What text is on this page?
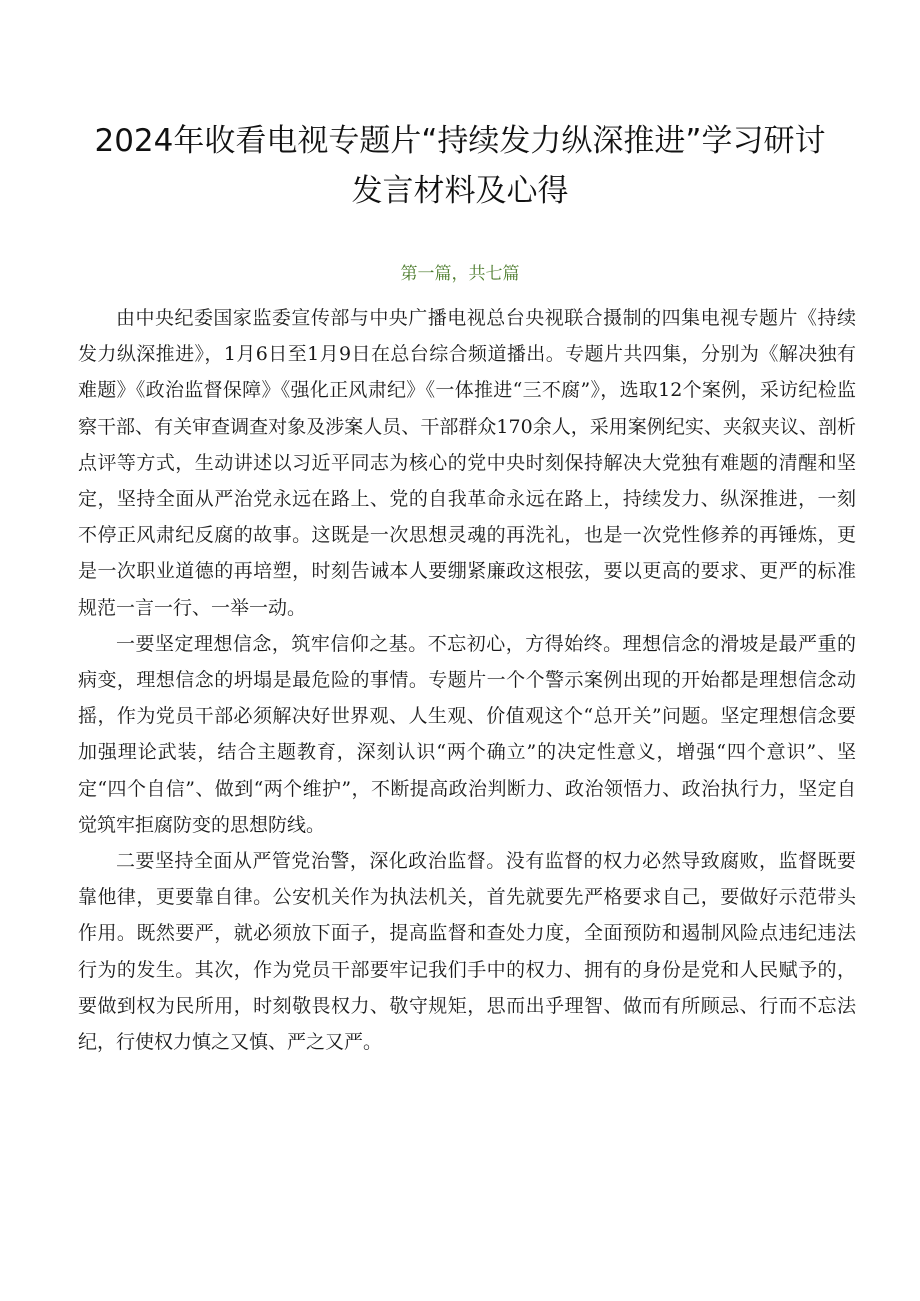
2024年收看电视专题片“持续发力纵深推进”学习研讨发言材料及心得

第一篇，共七篇

由中央纪委国家监委宣传部与中央广播电视总台央视联合摄制的四集电视专题片《持续发力纵深推进》，1月6日至1月9日在总台综合频道播出。专题片共四集，分别为《解决独有难题》《政治监督保障》《强化正风肃纪》《一体推进“三不腐”》，选取12个案例，采访纪检监察干部、有关审查调查对象及涉案人员、干部群众170余人，采用案例纪实、夹叙夹议、剖析点评等方式，生动讲述以习近平同志为核心的党中央时刻保持解决大党独有难题的清醒和坚定，坚持全面从严治党永远在路上、党的自我革命永远在路上，持续发力、纵深推进，一刻不停正风肃纪反腐的故事。这既是一次思想灵魂的再洗礼，也是一次党性修养的再锤炼，更是一次职业道德的再培塑，时刻告诫本人要绷紧廉政这根弦，要以更高的要求、更严的标准规范一言一行、一举一动。

一要坚定理想信念，筑牢信仰之基。不忘初心，方得始终。理想信念的滑坡是最严重的病变，理想信念的坍塌是最危险的事情。专题片一个个警示案例出现的开始都是理想信念动摇，作为党员干部必须解决好世界观、人生观、价值观这个“总开关”问题。坚定理想信念要加强理论武装，结合主题教育，深刻认识“两个确立”的决定性意义，增强“四个意识”、坚定“四个自信”、做到“两个维护”，不断提高政治判断力、政治领悟力、政治执行力，坚定自觉筑牢拒腐防变的思想防线。

二要坚持全面从严管党治警，深化政治监督。没有监督的权力必然导致腐败，监督既要靠他律，更要靠自律。公安机关作为执法机关，首先就要先严格要求自己，要做好示范带头作用。既然要严，就必须放下面子，提高监督和查处力度，全面预防和遏制风险点违纪违法行为的发生。其次，作为党员干部要牢记我们手中的权力、拥有的身份是党和人民赋予的，要做到权为民所用，时刻敬畏权力、敬守规矩，思而出乎理智、做而有所顾忌、行而不忘法纪，行使权力慎之又慎、严之又严。
